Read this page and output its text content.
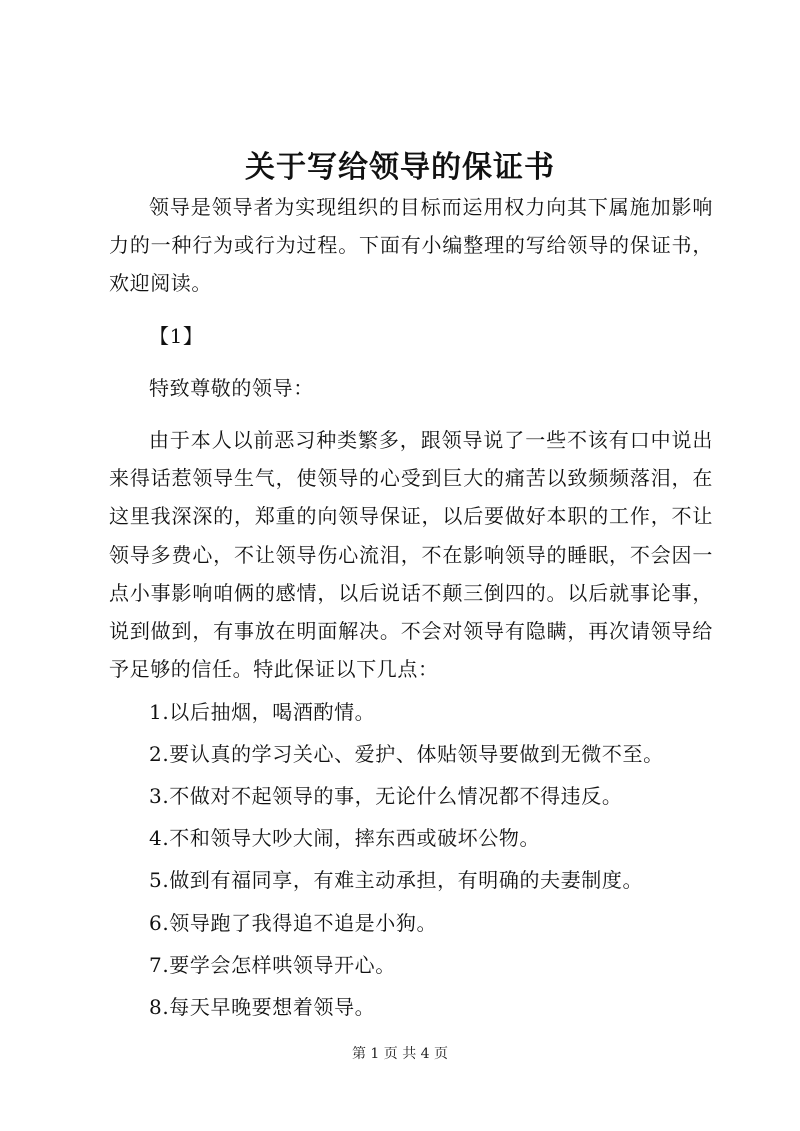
关于写给领导的保证书

领导是领导者为实现组织的目标而运用权力向其下属施加影响力的一种行为或行为过程。下面有小编整理的写给领导的保证书，欢迎阅读。

【1】

特致尊敬的领导：

由于本人以前恶习种类繁多，跟领导说了一些不该有口中说出来得话惹领导生气，使领导的心受到巨大的痛苦以致频频落泪，在这里我深深的，郑重的向领导保证，以后要做好本职的工作，不让领导多费心，不让领导伤心流泪，不在影响领导的睡眠，不会因一点小事影响咱俩的感情，以后说话不颠三倒四的。以后就事论事，说到做到，有事放在明面解决。不会对领导有隐瞒，再次请领导给予足够的信任。特此保证以下几点：

1.以后抽烟，喝酒酌情。

2.要认真的学习关心、爱护、体贴领导要做到无微不至。

3.不做对不起领导的事，无论什么情况都不得违反。

4.不和领导大吵大闹，摔东西或破坏公物。

5.做到有福同享，有难主动承担，有明确的夫妻制度。

6.领导跑了我得追不追是小狗。

7.要学会怎样哄领导开心。

8.每天早晚要想着领导。

第 1 页 共 4 页
